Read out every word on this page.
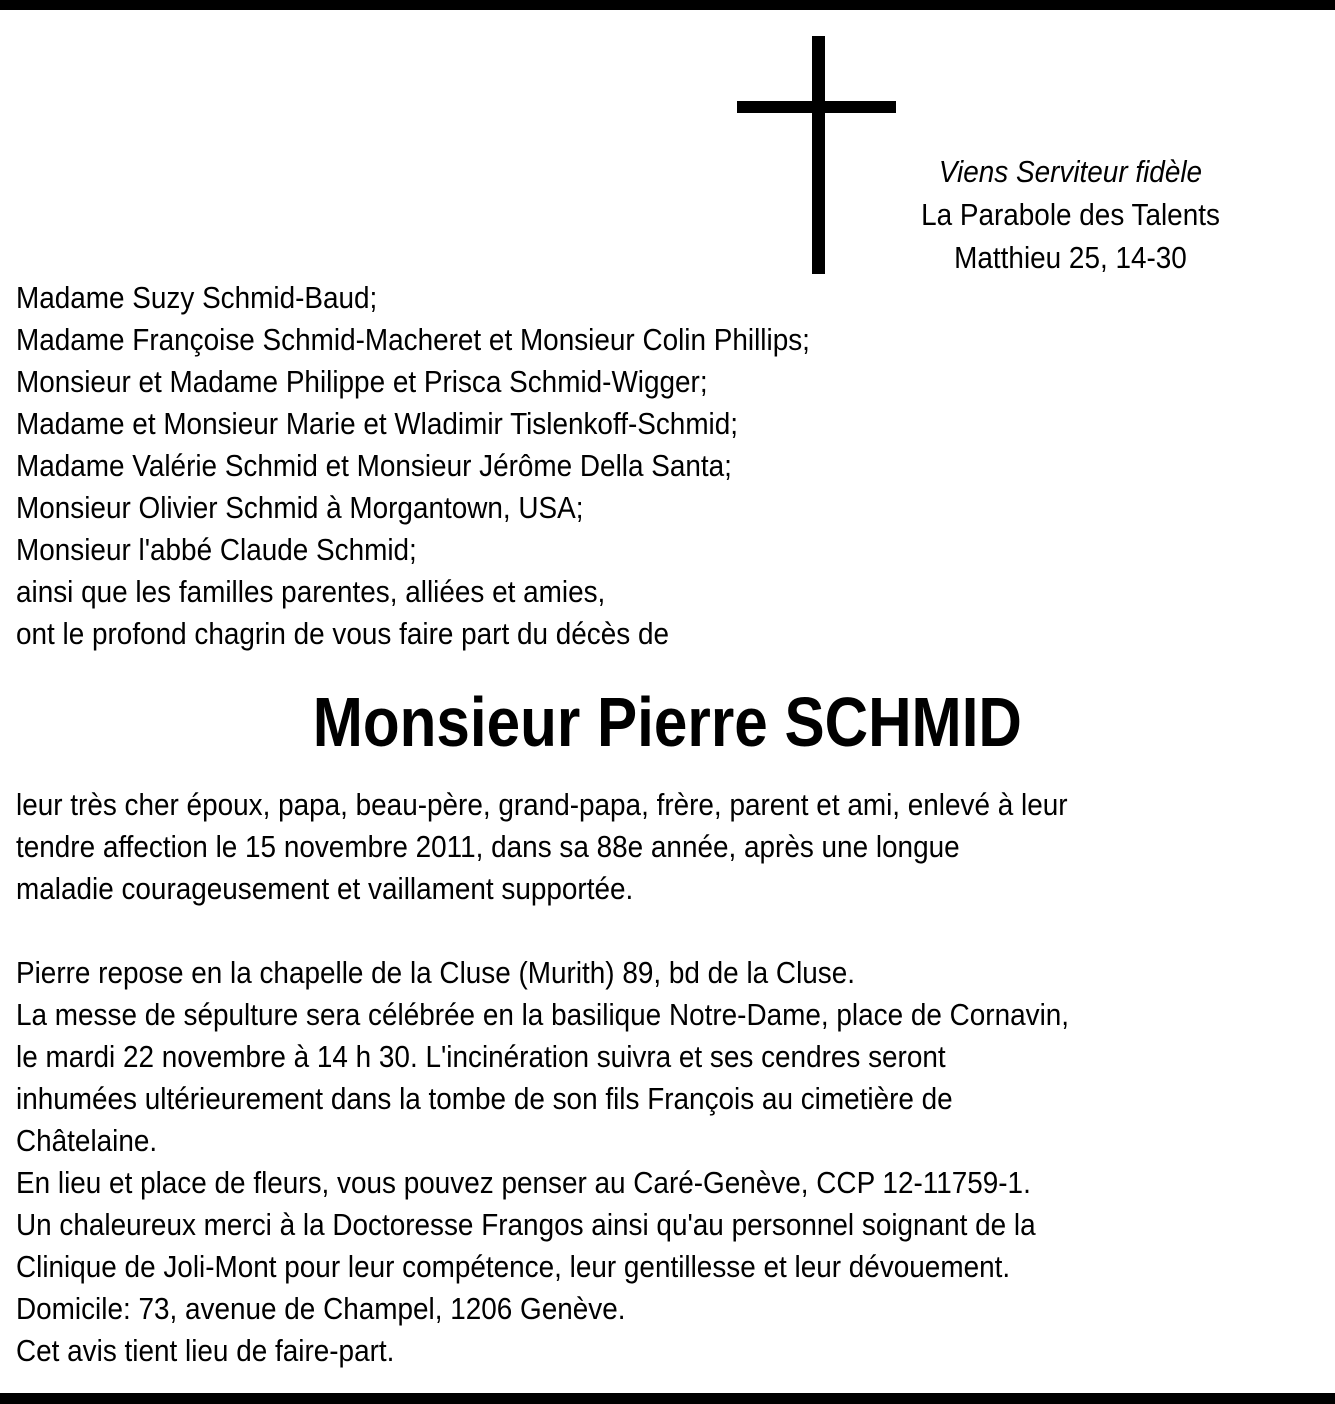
Viens Serviteur fidèle
La Parabole des Talents
Matthieu 25, 14-30
Madame Suzy Schmid-Baud;
Madame Françoise Schmid-Macheret et Monsieur Colin Phillips;
Monsieur et Madame Philippe et Prisca Schmid-Wigger;
Madame et Monsieur Marie et Wladimir Tislenkoff-Schmid;
Madame Valérie Schmid et Monsieur Jérôme Della Santa;
Monsieur Olivier Schmid à Morgantown, USA;
Monsieur l'abbé Claude Schmid;
ainsi que les familles parentes, alliées et amies,
ont le profond chagrin de vous faire part du décès de
Monsieur Pierre SCHMID
leur très cher époux, papa, beau-père, grand-papa, frère, parent et ami, enlevé à leur
tendre affection le 15 novembre 2011, dans sa 88e année, après une longue
maladie courageusement et vaillament supportée.
Pierre repose en la chapelle de la Cluse (Murith) 89, bd de la Cluse.
La messe de sépulture sera célébrée en la basilique Notre-Dame, place de Cornavin,
le mardi 22 novembre à 14 h 30. L'incinération suivra et ses cendres seront
inhumées ultérieurement dans la tombe de son fils François au cimetière de
Châtelaine.
En lieu et place de fleurs, vous pouvez penser au Caré-Genève, CCP 12-11759-1.
Un chaleureux merci à la Doctoresse Frangos ainsi qu'au personnel soignant de la
Clinique de Joli-Mont pour leur compétence, leur gentillesse et leur dévouement.
Domicile: 73, avenue de Champel, 1206 Genève.
Cet avis tient lieu de faire-part.
